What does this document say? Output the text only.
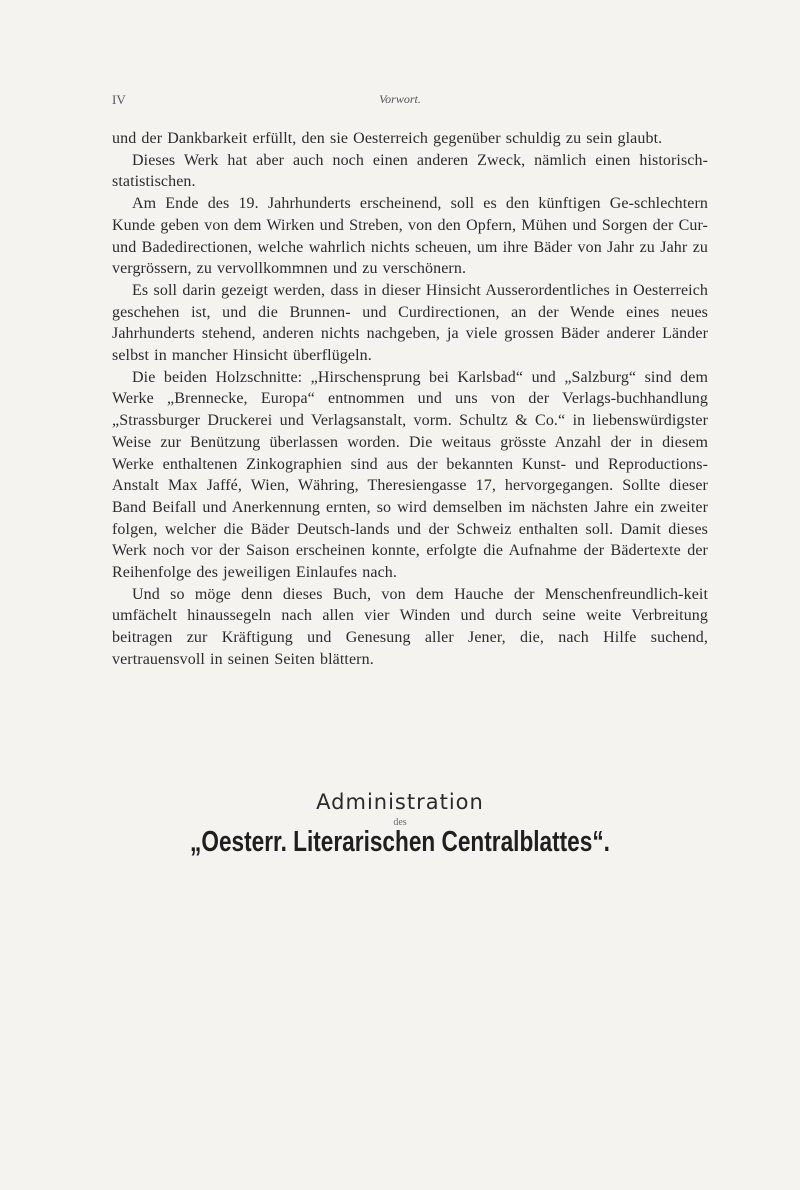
IV	Vorwort.

und der Dankbarkeit erfüllt, den sie Oesterreich gegenüber schuldig zu sein glaubt.

Dieses Werk hat aber auch noch einen anderen Zweck, nämlich einen historisch-statistischen.

Am Ende des 19. Jahrhunderts erscheinend, soll es den künftigen Ge-schlechtern Kunde geben von dem Wirken und Streben, von den Opfern, Mühen und Sorgen der Cur- und Badedirectionen, welche wahrlich nichts scheuen, um ihre Bäder von Jahr zu Jahr zu vergrössern, zu vervollkommnen und zu verschönern.

Es soll darin gezeigt werden, dass in dieser Hinsicht Ausserordentliches in Oesterreich geschehen ist, und die Brunnen- und Curdirectionen, an der Wende eines neues Jahrhunderts stehend, anderen nichts nachgeben, ja viele grossen Bäder anderer Länder selbst in mancher Hinsicht überflügeln.

Die beiden Holzschnitte: „Hirschensprung bei Karlsbad“ und „Salzburg“ sind dem Werke „Brennecke, Europa“ entnommen und uns von der Verlags-buchhandlung „Strassburger Druckerei und Verlagsanstalt, vorm. Schultz & Co.“ in liebenswürdigster Weise zur Benützung überlassen worden. Die weitaus grösste Anzahl der in diesem Werke enthaltenen Zinkographien sind aus der bekannten Kunst- und Reproductions-Anstalt Max Jaffé, Wien, Währing, Theresiengasse 17, hervorgegangen. Sollte dieser Band Beifall und Anerkennung ernten, so wird demselben im nächsten Jahre ein zweiter folgen, welcher die Bäder Deutsch-lands und der Schweiz enthalten soll. Damit dieses Werk noch vor der Saison erscheinen konnte, erfolgte die Aufnahme der Bädertexte der Reihenfolge des jeweiligen Einlaufes nach.

Und so möge denn dieses Buch, von dem Hauche der Menschenfreundlich-keit umfächelt hinaussegeln nach allen vier Winden und durch seine weite Verbreitung beitragen zur Kräftigung und Genesung aller Jener, die, nach Hilfe suchend, vertrauensvoll in seinen Seiten blättern.

Administration
des
„Oesterr. Literarischen Centralblattes“.
